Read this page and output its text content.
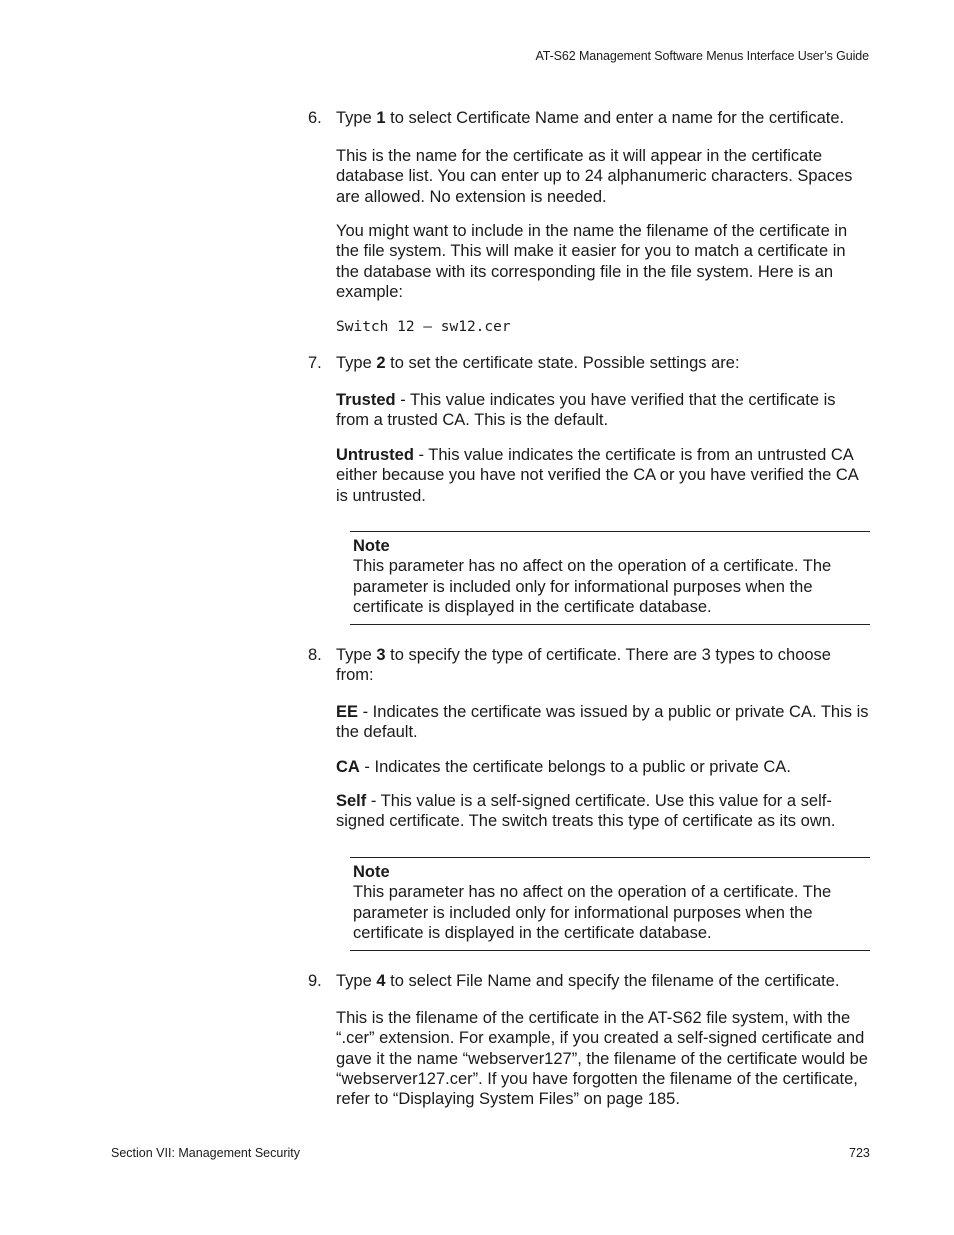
AT-S62 Management Software Menus Interface User’s Guide
6. Type 1 to select Certificate Name and enter a name for the certificate.
This is the name for the certificate as it will appear in the certificate database list. You can enter up to 24 alphanumeric characters. Spaces are allowed. No extension is needed.
You might want to include in the name the filename of the certificate in the file system. This will make it easier for you to match a certificate in the database with its corresponding file in the file system. Here is an example:
Switch 12 – sw12.cer
7. Type 2 to set the certificate state. Possible settings are:
Trusted - This value indicates you have verified that the certificate is from a trusted CA. This is the default.
Untrusted - This value indicates the certificate is from an untrusted CA either because you have not verified the CA or you have verified the CA is untrusted.
Note
This parameter has no affect on the operation of a certificate. The parameter is included only for informational purposes when the certificate is displayed in the certificate database.
8. Type 3 to specify the type of certificate. There are 3 types to choose from:
EE - Indicates the certificate was issued by a public or private CA. This is the default.
CA - Indicates the certificate belongs to a public or private CA.
Self - This value is a self-signed certificate. Use this value for a self-signed certificate. The switch treats this type of certificate as its own.
Note
This parameter has no affect on the operation of a certificate. The parameter is included only for informational purposes when the certificate is displayed in the certificate database.
9. Type 4 to select File Name and specify the filename of the certificate.
This is the filename of the certificate in the AT-S62 file system, with the “.cer” extension. For example, if you created a self-signed certificate and gave it the name “webserver127”, the filename of the certificate would be “webserver127.cer”. If you have forgotten the filename of the certificate, refer to “Displaying System Files” on page 185.
Section VII: Management Security	723
